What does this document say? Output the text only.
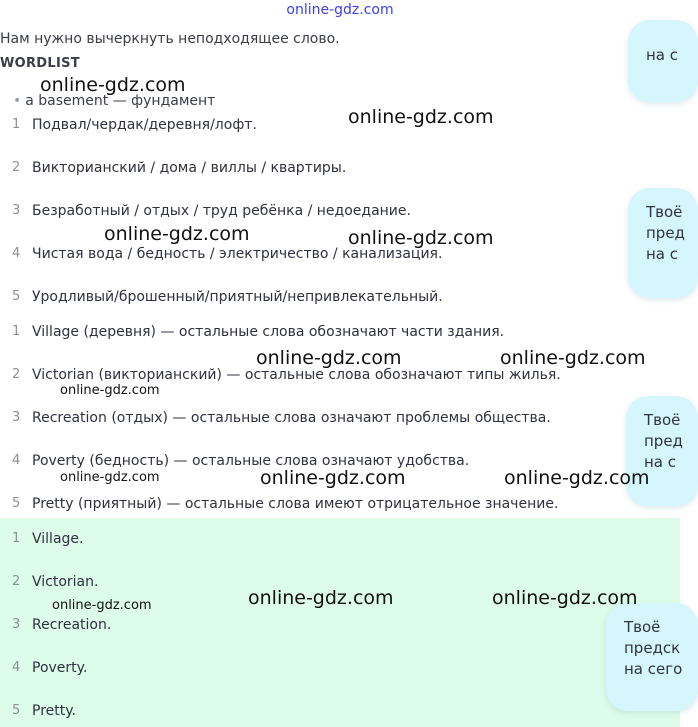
online-gdz.com
Нам нужно вычеркнуть неподходящее слово.
WORDLIST
• a basement — фундамент
1 Подвал/чердак/деревня/лофт.
2 Викторианский / дома / виллы / квартиры.
3 Безработный / отдых / труд ребёнка / недоедание.
4 Чистая вода / бедность / электричество / канализация.
5 Уродливый/брошенный/приятный/непривлекательный.
1 Village (деревня) — остальные слова обозначают части здания.
2 Victorian (викторианский) — остальные слова обозначают типы жилья.
3 Recreation (отдых) — остальные слова означают проблемы общества.
4 Poverty (бедность) — остальные слова означают удобства.
5 Pretty (приятный) — остальные слова имеют отрицательное значение.
1 Village.
2 Victorian.
3 Recreation.
4 Poverty.
5 Pretty.
на с
Твоё
пред
на с
Твоё
пред
на с
Твоё
предск
на сего
online-gdz.com
online-gdz.com
online-gdz.com	online-gdz.com
online-gdz.com	online-gdz.com
online-gdz.com
online-gdz.com	online-gdz.com	online-gdz.com
online-gdz.com	online-gdz.com
online-gdz.com
